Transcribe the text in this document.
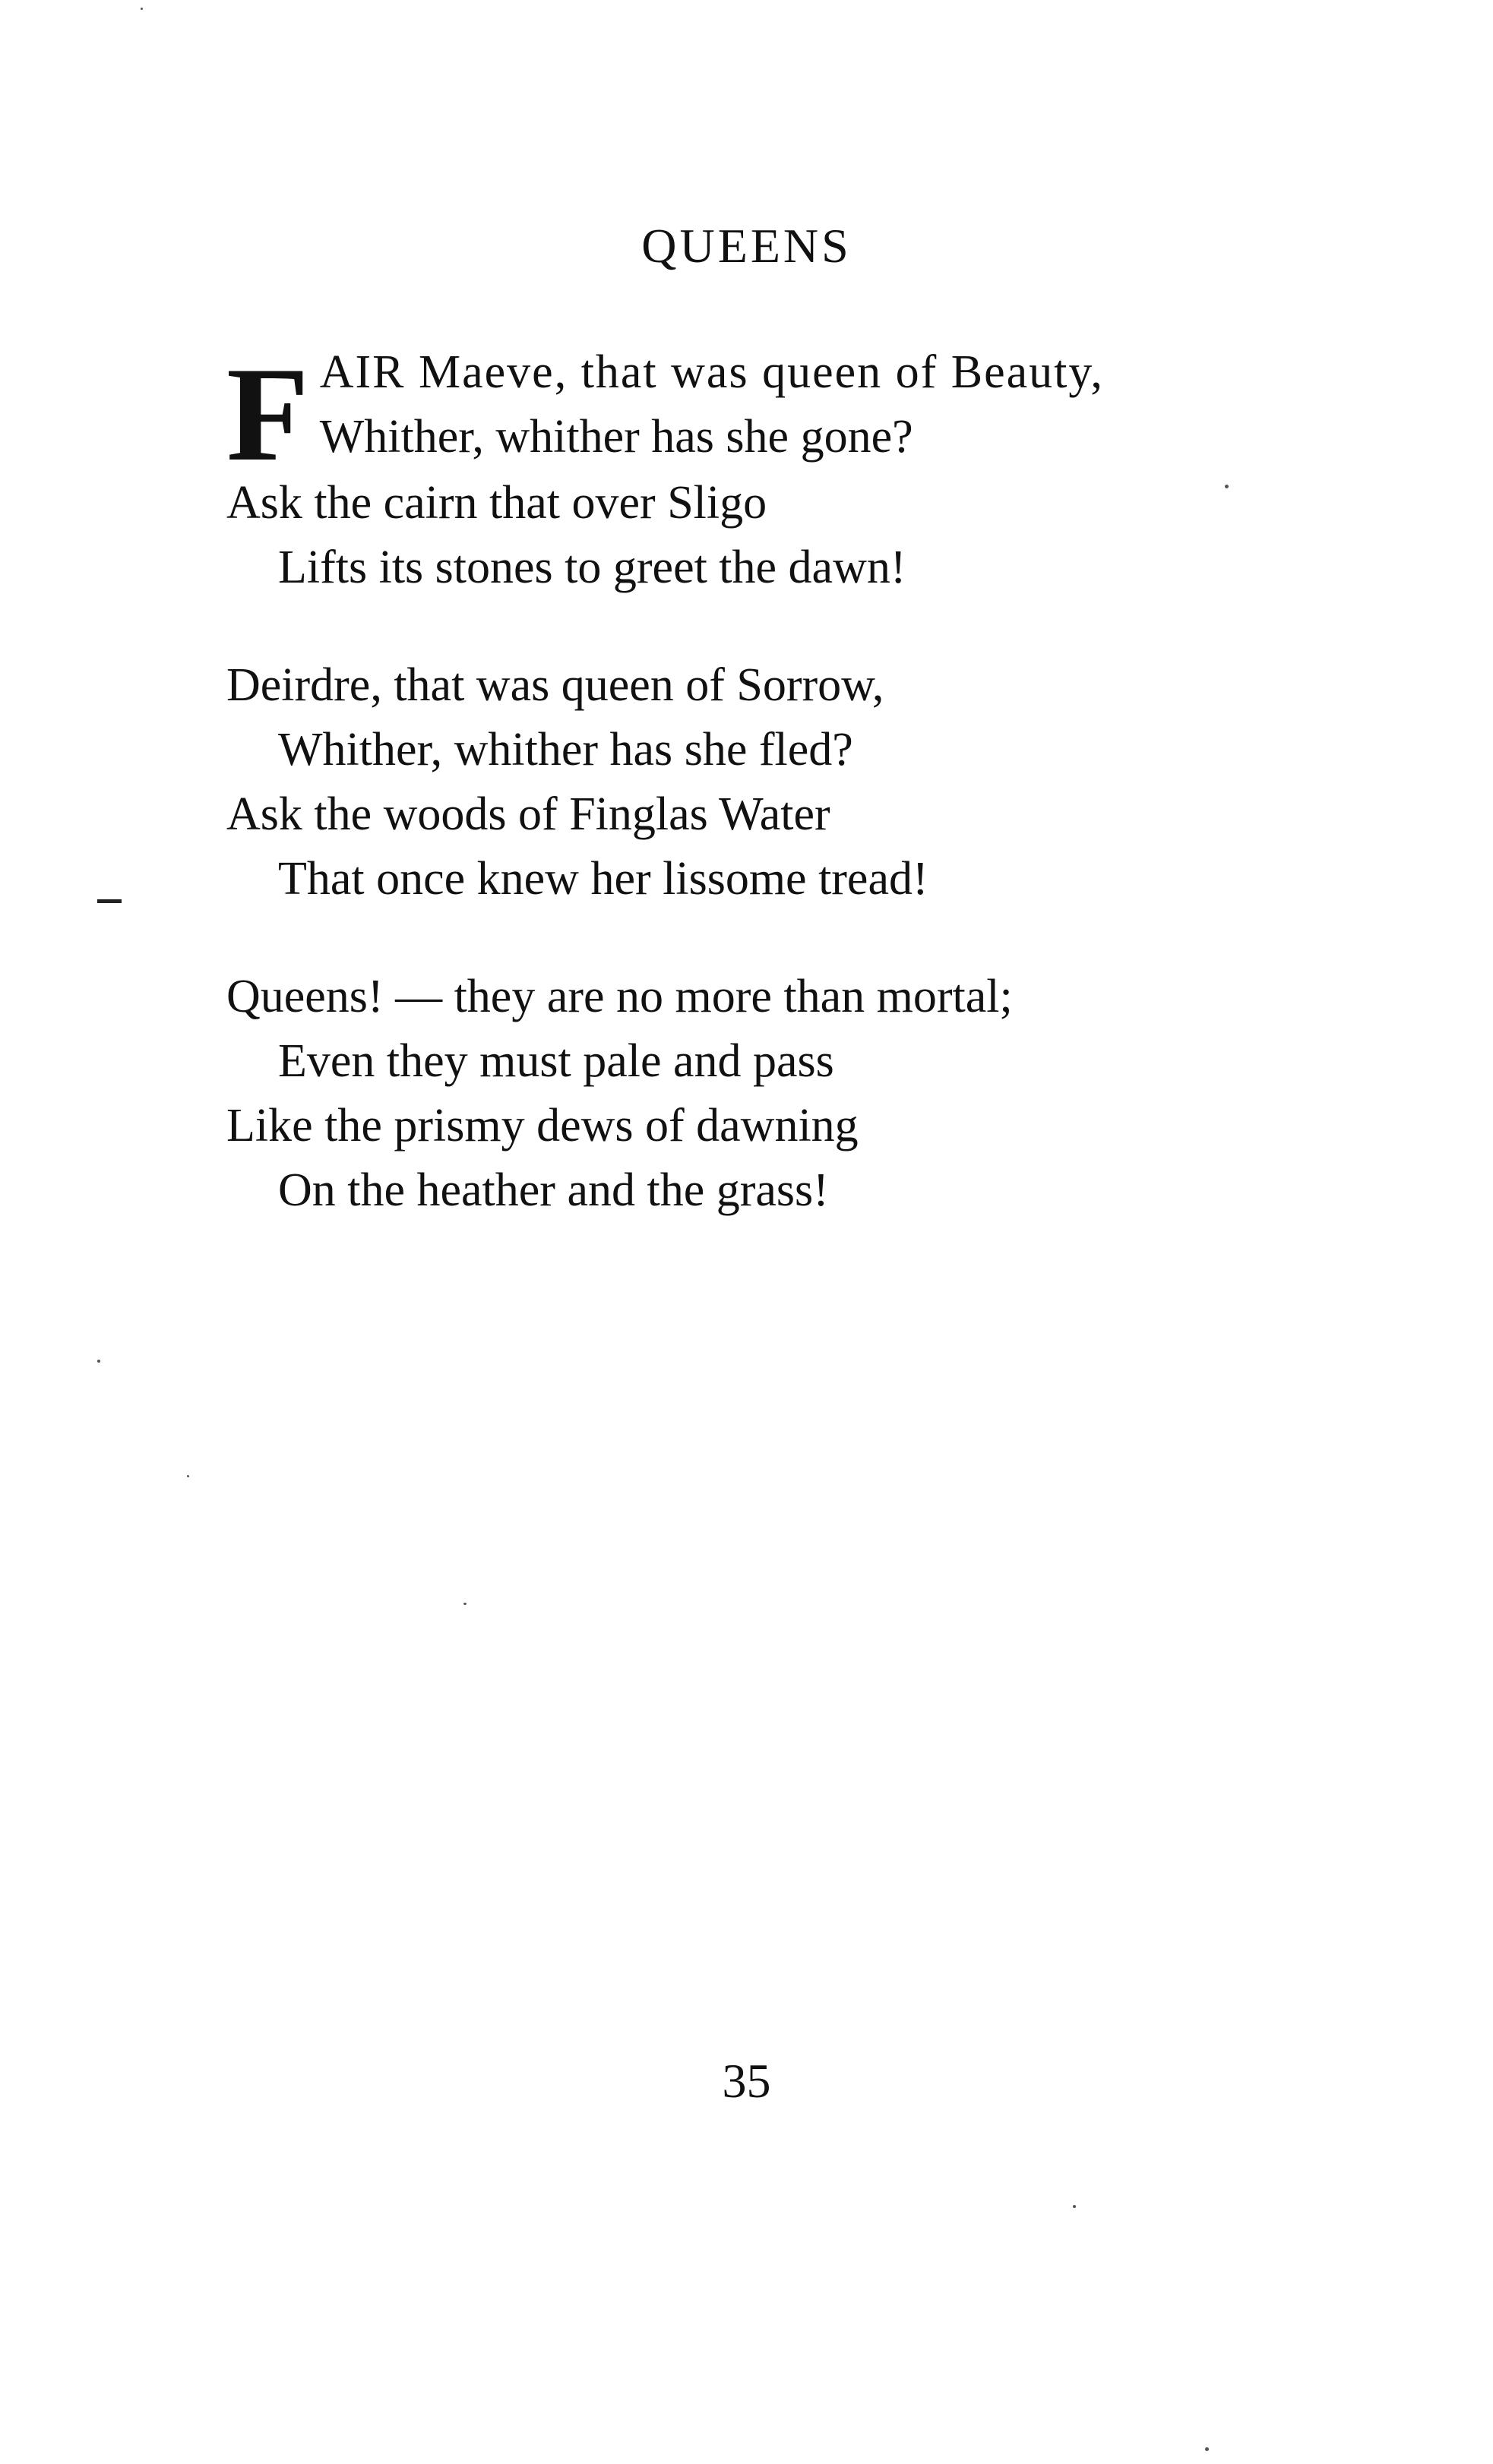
QUEENS
F AIR Maeve, that was queen of Beauty,
Whither, whither has she gone?
Ask the cairn that over Sligo
Lifts its stones to greet the dawn!
Deirdre, that was queen of Sorrow,
Whither, whither has she fled?
Ask the woods of Finglas Water
That once knew her lissome tread!
Queens! — they are no more than mortal;
Even they must pale and pass
Like the prismy dews of dawning
On the heather and the grass!
35
